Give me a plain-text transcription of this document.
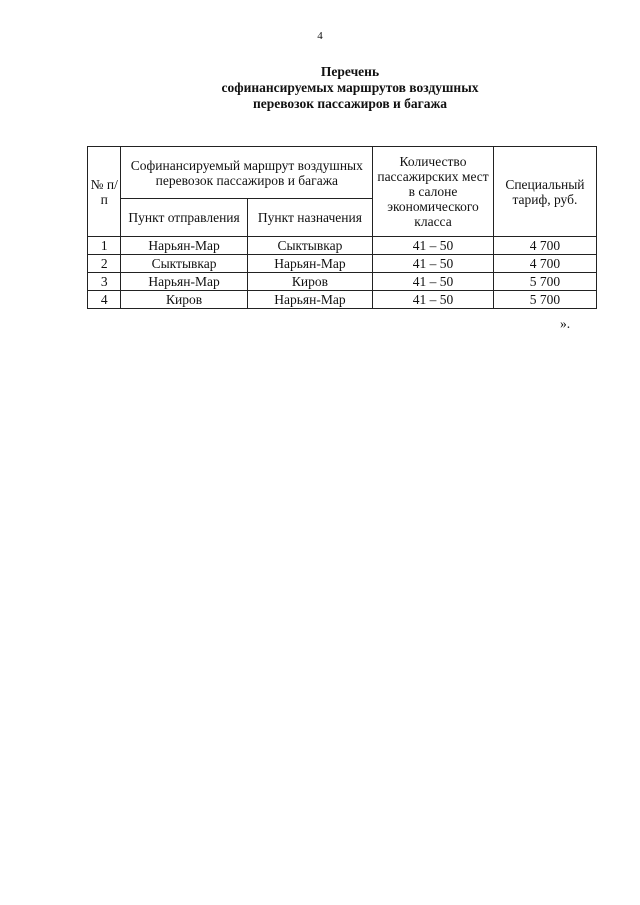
4
Перечень
софинансируемых маршрутов воздушных
перевозок пассажиров и багажа
№ п/п	Софинансируемый маршрут воздушных перевозок пассажиров и багажа		Количество пассажирских мест в салоне экономического класса	Специальный тариф, руб.
	Пункт отправления	Пункт назначения		
1	Нарьян-Мар	Сыктывкар	41 – 50	4 700
2	Сыктывкар	Нарьян-Мар	41 – 50	4 700
3	Нарьян-Мар	Киров	41 – 50	5 700
4	Киров	Нарьян-Мар	41 – 50	5 700
».
